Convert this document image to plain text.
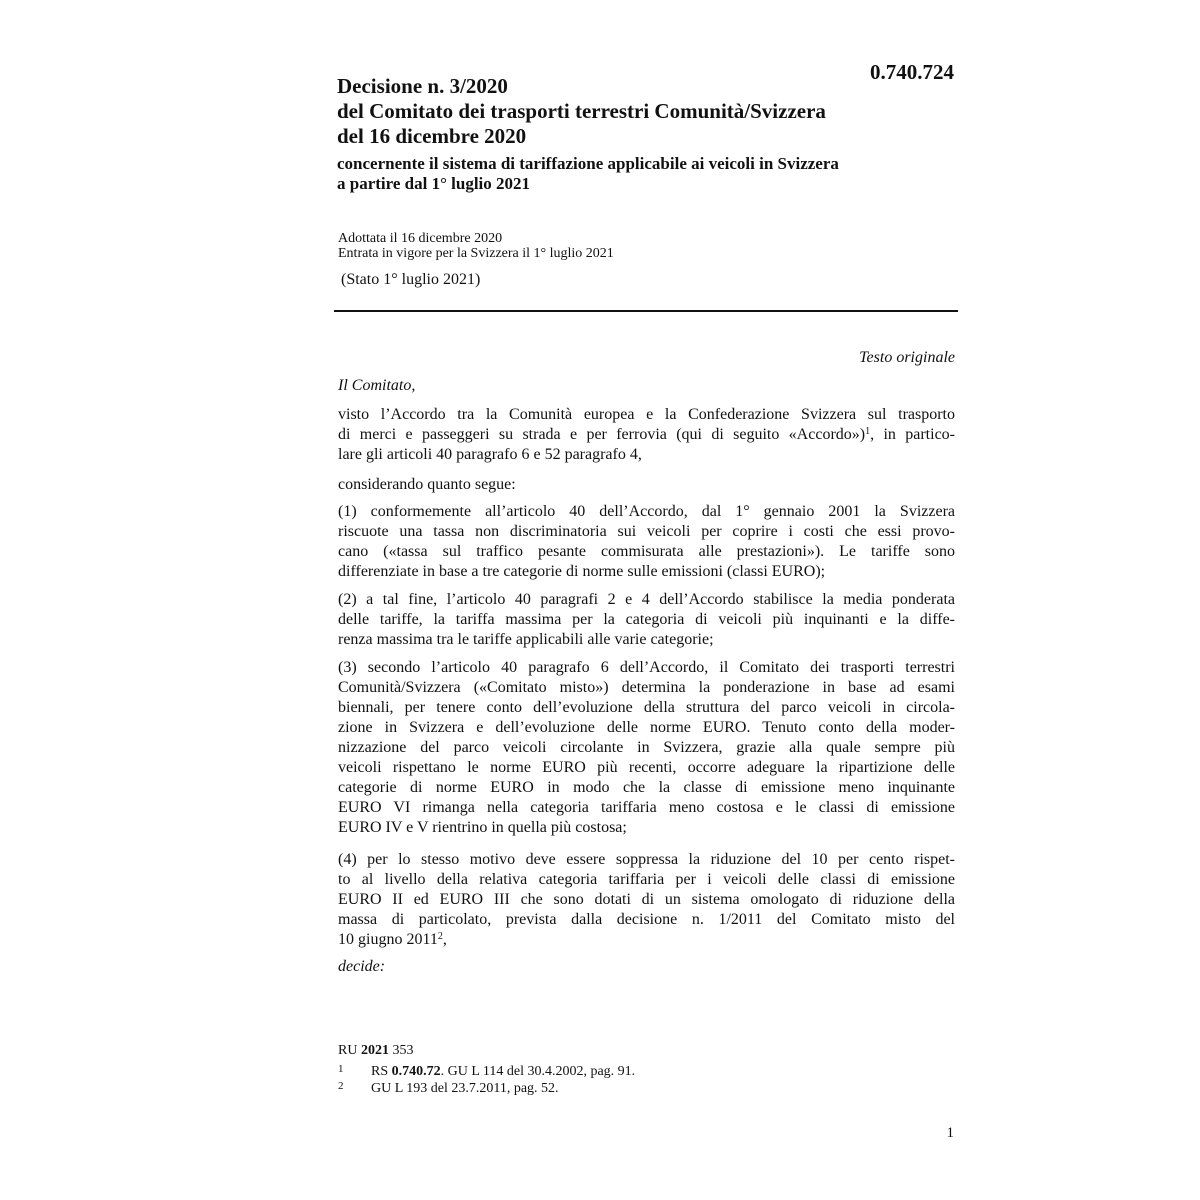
0.740.724
Decisione n. 3/2020
del Comitato dei trasporti terrestri Comunità/Svizzera
del 16 dicembre 2020
concernente il sistema di tariffazione applicabile ai veicoli in Svizzera
a partire dal 1° luglio 2021
Adottata il 16 dicembre 2020
Entrata in vigore per la Svizzera il 1° luglio 2021
(Stato 1° luglio 2021)
Testo originale
Il Comitato,
visto l’Accordo tra la Comunità europea e la Confederazione Svizzera sul trasporto
di merci e passeggeri su strada e per ferrovia (qui di seguito «Accordo»)$^1$, in partico-
lare gli articoli 40 paragrafo 6 e 52 paragrafo 4,
considerando quanto segue:
(1) conformemente all’articolo 40 dell’Accordo, dal 1° gennaio 2001 la Svizzera
riscuote una tassa non discriminatoria sui veicoli per coprire i costi che essi provo-
cano («tassa sul traffico pesante commisurata alle prestazioni»). Le tariffe sono
differenziate in base a tre categorie di norme sulle emissioni (classi EURO);
(2) a tal fine, l’articolo 40 paragrafi 2 e 4 dell’Accordo stabilisce la media ponderata
delle tariffe, la tariffa massima per la categoria di veicoli più inquinanti e la diffe-
renza massima tra le tariffe applicabili alle varie categorie;
(3) secondo l’articolo 40 paragrafo 6 dell’Accordo, il Comitato dei trasporti terrestri
Comunità/Svizzera («Comitato misto») determina la ponderazione in base ad esami
biennali, per tenere conto dell’evoluzione della struttura del parco veicoli in circola-
zione in Svizzera e dell’evoluzione delle norme EURO. Tenuto conto della moder-
nizzazione del parco veicoli circolante in Svizzera, grazie alla quale sempre più
veicoli rispettano le norme EURO più recenti, occorre adeguare la ripartizione delle
categorie di norme EURO in modo che la classe di emissione meno inquinante
EURO VI rimanga nella categoria tariffaria meno costosa e le classi di emissione
EURO IV e V rientrino in quella più costosa;
(4) per lo stesso motivo deve essere soppressa la riduzione del 10 per cento rispet-
to al livello della relativa categoria tariffaria per i veicoli delle classi di emissione
EURO II ed EURO III che sono dotati di un sistema omologato di riduzione della
massa di particolato, prevista dalla decisione n. 1/2011 del Comitato misto del
10 giugno 2011$^2$,
decide:
RU 2021 353
1 RS 0.740.72. GU L 114 del 30.4.2002, pag. 91.
2 GU L 193 del 23.7.2011, pag. 52.
1
